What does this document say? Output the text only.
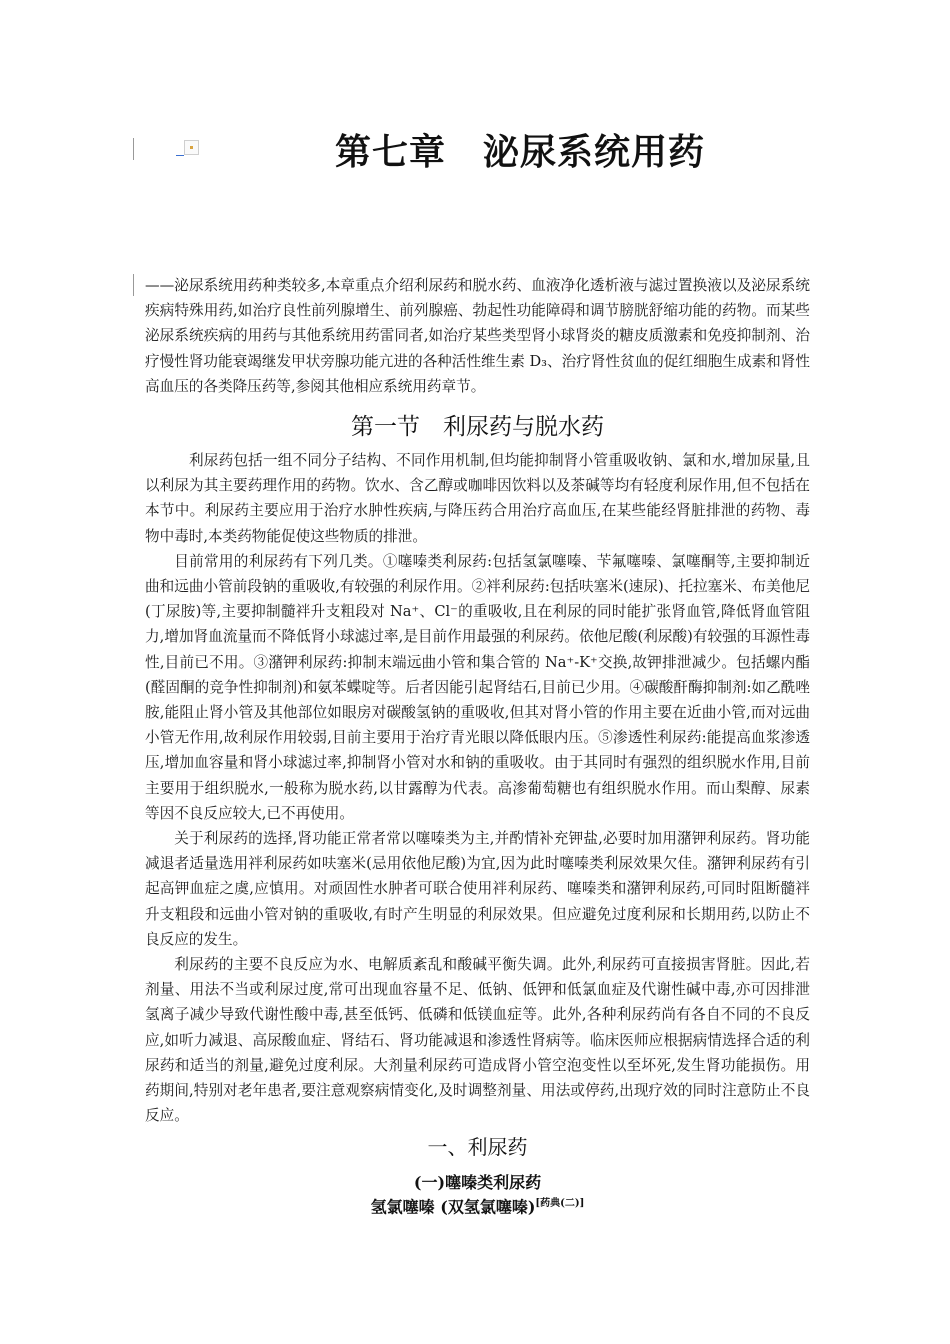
第七章　泌尿系统用药

——泌尿系统用药种类较多,本章重点介绍利尿药和脱水药、血液净化透析液与滤过置换液以及泌尿系统疾病特殊用药,如治疗良性前列腺增生、前列腺癌、勃起性功能障碍和调节膀胱舒缩功能的药物。而某些泌尿系统疾病的用药与其他系统用药雷同者,如治疗某些类型肾小球肾炎的糖皮质激素和免疫抑制剂、治疗慢性肾功能衰竭继发甲状旁腺功能亢进的各种活性维生素 D₃、治疗肾性贫血的促红细胞生成素和肾性高血压的各类降压药等,参阅其他相应系统用药章节。

第一节　利尿药与脱水药

　利尿药包括一组不同分子结构、不同作用机制,但均能抑制肾小管重吸收钠、氯和水,增加尿量,且以利尿为其主要药理作用的药物。饮水、含乙醇或咖啡因饮料以及茶碱等均有轻度利尿作用,但不包括在本节中。利尿药主要应用于治疗水肿性疾病,与降压药合用治疗高血压,在某些能经肾脏排泄的药物、毒物中毒时,本类药物能促使这些物质的排泄。

目前常用的利尿药有下列几类。①噻嗪类利尿药:包括氢氯噻嗪、苄氟噻嗪、氯噻酮等,主要抑制近曲和远曲小管前段钠的重吸收,有较强的利尿作用。②袢利尿药:包括呋塞米(速尿)、托拉塞米、布美他尼(丁尿胺)等,主要抑制髓袢升支粗段对 Na⁺、Cl⁻的重吸收,且在利尿的同时能扩张肾血管,降低肾血管阻力,增加肾血流量而不降低肾小球滤过率,是目前作用最强的利尿药。依他尼酸(利尿酸)有较强的耳源性毒性,目前已不用。③潴钾利尿药:抑制末端远曲小管和集合管的 Na⁺-K⁺交换,故钾排泄减少。包括螺内酯(醛固酮的竞争性抑制剂)和氨苯蝶啶等。后者因能引起肾结石,目前已少用。④碳酸酐酶抑制剂:如乙酰唑胺,能阻止肾小管及其他部位如眼房对碳酸氢钠的重吸收,但其对肾小管的作用主要在近曲小管,而对远曲小管无作用,故利尿作用较弱,目前主要用于治疗青光眼以降低眼内压。⑤渗透性利尿药:能提高血浆渗透压,增加血容量和肾小球滤过率,抑制肾小管对水和钠的重吸收。由于其同时有强烈的组织脱水作用,目前主要用于组织脱水,一般称为脱水药,以甘露醇为代表。高渗葡萄糖也有组织脱水作用。而山梨醇、尿素等因不良反应较大,已不再使用。

关于利尿药的选择,肾功能正常者常以噻嗪类为主,并酌情补充钾盐,必要时加用潴钾利尿药。肾功能减退者适量选用袢利尿药如呋塞米(忌用依他尼酸)为宜,因为此时噻嗪类利尿效果欠佳。潴钾利尿药有引起高钾血症之虞,应慎用。对顽固性水肿者可联合使用袢利尿药、噻嗪类和潴钾利尿药,可同时阻断髓袢升支粗段和远曲小管对钠的重吸收,有时产生明显的利尿效果。但应避免过度利尿和长期用药,以防止不良反应的发生。

利尿药的主要不良反应为水、电解质紊乱和酸碱平衡失调。此外,利尿药可直接损害肾脏。因此,若剂量、用法不当或利尿过度,常可出现血容量不足、低钠、低钾和低氯血症及代谢性碱中毒,亦可因排泄氢离子减少导致代谢性酸中毒,甚至低钙、低磷和低镁血症等。此外,各种利尿药尚有各自不同的不良反应,如听力减退、高尿酸血症、肾结石、肾功能减退和渗透性肾病等。临床医师应根据病情选择合适的利尿药和适当的剂量,避免过度利尿。大剂量利尿药可造成肾小管空泡变性以至坏死,发生肾功能损伤。用药期间,特别对老年患者,要注意观察病情变化,及时调整剂量、用法或停药,出现疗效的同时注意防止不良反应。

一、利尿药
(一)噻嗪类利尿药
氢氯噻嗪 (双氢氯噻嗪)[药典(二)]
